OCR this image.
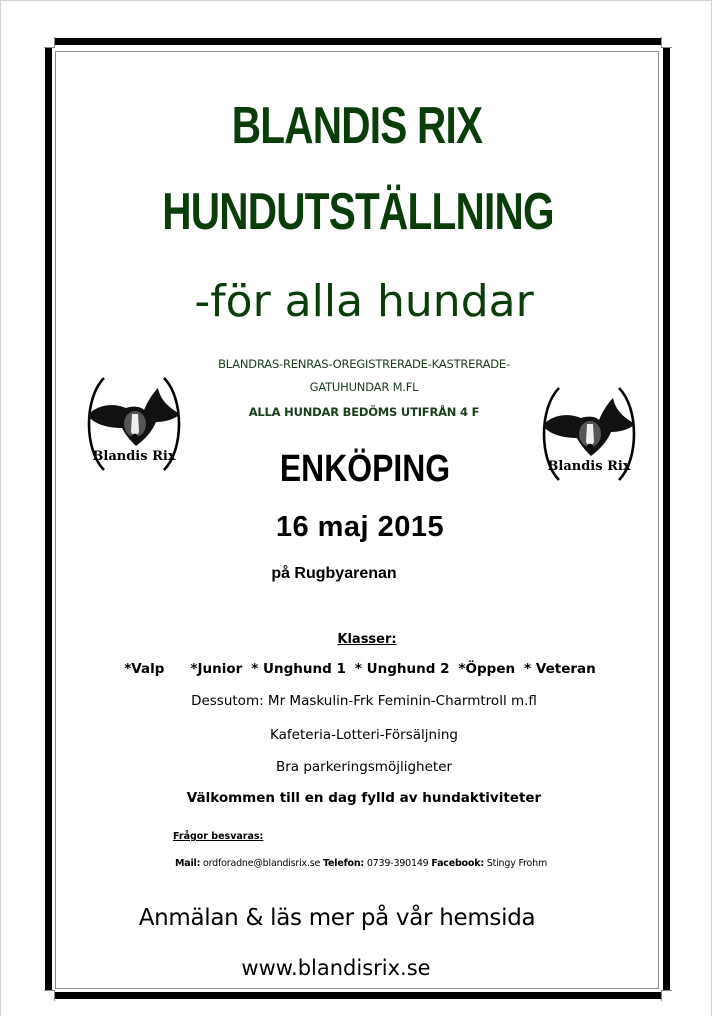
BLANDIS RIX
HUNDUTSTÄLLNING
-för alla hundar
BLANDRAS-RENRAS-OREGISTRERADE-KASTRERADE-
GATUHUNDAR M.FL
ALLA HUNDAR BEDÖMS UTIFRÅN 4 F
Blandis Rix
Blandis Rix
ENKÖPING
16 maj 2015
på Rugbyarenan
Klasser:
*Valp *Junior * Unghund 1 * Unghund 2 *Öppen * Veteran
Dessutom: Mr Maskulin-Frk Feminin-Charmtroll m.fl
Kafeteria-Lotteri-Försäljning
Bra parkeringsmöjligheter
Välkommen till en dag fylld av hundaktiviteter
Frågor besvaras:
Mail: ordforadne@blandisrix.se Telefon: 0739-390149 Facebook: Stingy Frohm
Anmälan & läs mer på vår hemsida
www.blandisrix.se
